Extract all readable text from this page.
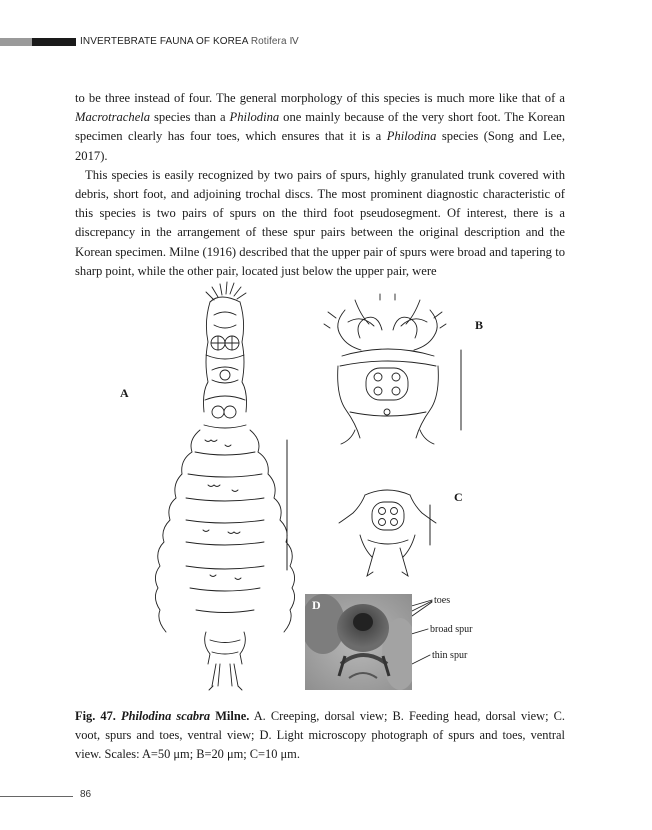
INVERTEBRATE FAUNA OF KOREA Rotifera Ⅳ

to be three instead of four. The general morphology of this species is much more like that of a Macrotrachela species than a Philodina one mainly because of the very short foot. The Korean specimen clearly has four toes, which ensures that it is a Philodina species (Song and Lee, 2017).

This species is easily recognized by two pairs of spurs, highly granulated trunk covered with debris, short foot, and adjoining trochal discs. The most prominent diagnostic characteristic of this species is two pairs of spurs on the third foot pseudosegment. Of interest, there is a discrepancy in the arrangement of these spur pairs between the original description and the Korean specimen. Milne (1916) described that the upper pair of spurs were broad and tapering to sharp point, while the other pair, located just below the upper pair, were

A
B
C
D	toes
broad spur
thin spur
Fig. 47. Philodina scabra Milne. A. Creeping, dorsal view; B. Feeding head, dorsal view; C. voot, spurs and toes, ventral view; D. Light microscopy photograph of spurs and toes, ventral view. Scales: A=50 μm; B=20 μm; C=10 μm.
86
